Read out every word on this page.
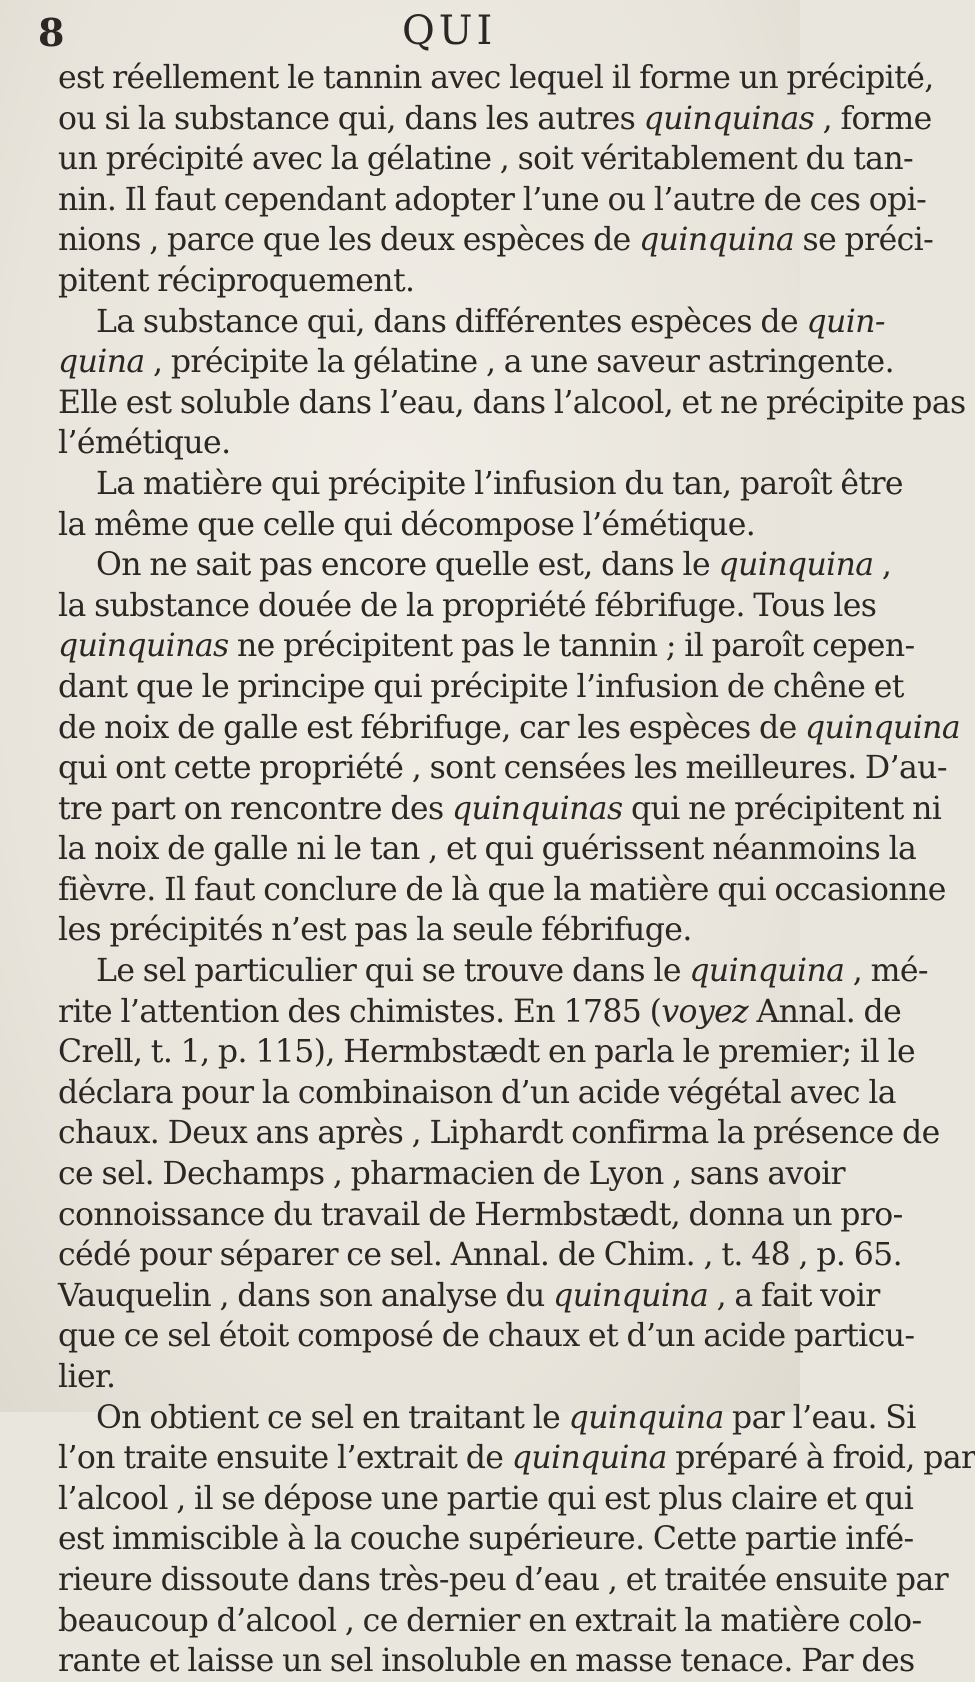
8	QUI
est réellement le tannin avec lequel il forme un précipité,
ou si la substance qui, dans les autres quinquinas , forme
un précipité avec la gélatine , soit véritablement du tan-
nin. Il faut cependant adopter l’une ou l’autre de ces opi-
nions , parce que les deux espèces de quinquina se préci-
pitent réciproquement.
La substance qui, dans différentes espèces de quin-
quina , précipite la gélatine , a une saveur astringente.
Elle est soluble dans l’eau, dans l’alcool, et ne précipite pas
l’émétique.
La matière qui précipite l’infusion du tan, paroît être
la même que celle qui décompose l’émétique.
On ne sait pas encore quelle est, dans le quinquina ,
la substance douée de la propriété fébrifuge. Tous les
quinquinas ne précipitent pas le tannin ; il paroît cepen-
dant que le principe qui précipite l’infusion de chêne et
de noix de galle est fébrifuge, car les espèces de quinquina
qui ont cette propriété , sont censées les meilleures. D’au-
tre part on rencontre des quinquinas qui ne précipitent ni
la noix de galle ni le tan , et qui guérissent néanmoins la
fièvre. Il faut conclure de là que la matière qui occasionne
les précipités n’est pas la seule fébrifuge.
Le sel particulier qui se trouve dans le quinquina , mé-
rite l’attention des chimistes. En 1785 (voyez Annal. de
Crell, t. 1, p. 115), Hermbstædt en parla le premier; il le
déclara pour la combinaison d’un acide végétal avec la
chaux. Deux ans après , Liphardt confirma la présence de
ce sel. Dechamps , pharmacien de Lyon , sans avoir
connoissance du travail de Hermbstædt, donna un pro-
cédé pour séparer ce sel. Annal. de Chim. , t. 48 , p. 65.
Vauquelin , dans son analyse du quinquina , a fait voir
que ce sel étoit composé de chaux et d’un acide particu-
lier.
On obtient ce sel en traitant le quinquina par l’eau. Si
l’on traite ensuite l’extrait de quinquina préparé à froid, par
l’alcool , il se dépose une partie qui est plus claire et qui
est immiscible à la couche supérieure. Cette partie infé-
rieure dissoute dans très-peu d’eau , et traitée ensuite par
beaucoup d’alcool , ce dernier en extrait la matière colo-
rante et laisse un sel insoluble en masse tenace. Par des
